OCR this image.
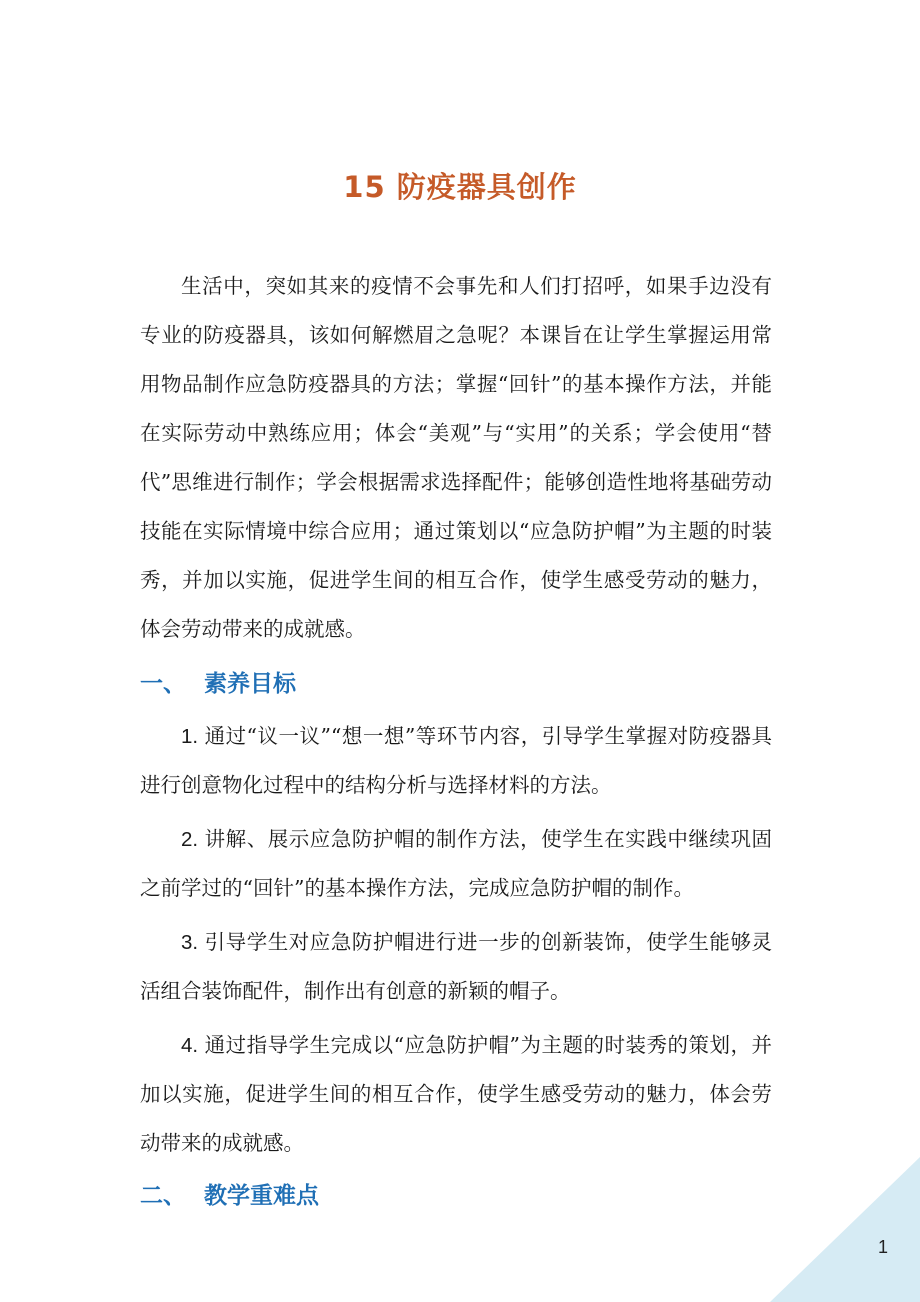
15 防疫器具创作

生活中，突如其来的疫情不会事先和人们打招呼，如果手边没有专业的防疫器具，该如何解燃眉之急呢？本课旨在让学生掌握运用常用物品制作应急防疫器具的方法；掌握“回针”的基本操作方法，并能在实际劳动中熟练应用；体会“美观”与“实用”的关系；学会使用“替代”思维进行制作；学会根据需求选择配件；能够创造性地将基础劳动技能在实际情境中综合应用；通过策划以“应急防护帽”为主题的时装秀，并加以实施，促进学生间的相互合作，使学生感受劳动的魅力，体会劳动带来的成就感。

一、 素养目标

1. 通过“议一议”“想一想”等环节内容，引导学生掌握对防疫器具进行创意物化过程中的结构分析与选择材料的方法。

2. 讲解、展示应急防护帽的制作方法，使学生在实践中继续巩固之前学过的“回针”的基本操作方法，完成应急防护帽的制作。

3. 引导学生对应急防护帽进行进一步的创新装饰，使学生能够灵活组合装饰配件，制作出有创意的新颖的帽子。

4. 通过指导学生完成以“应急防护帽”为主题的时装秀的策划，并加以实施，促进学生间的相互合作，使学生感受劳动的魅力，体会劳动带来的成就感。

二、 教学重难点

1
